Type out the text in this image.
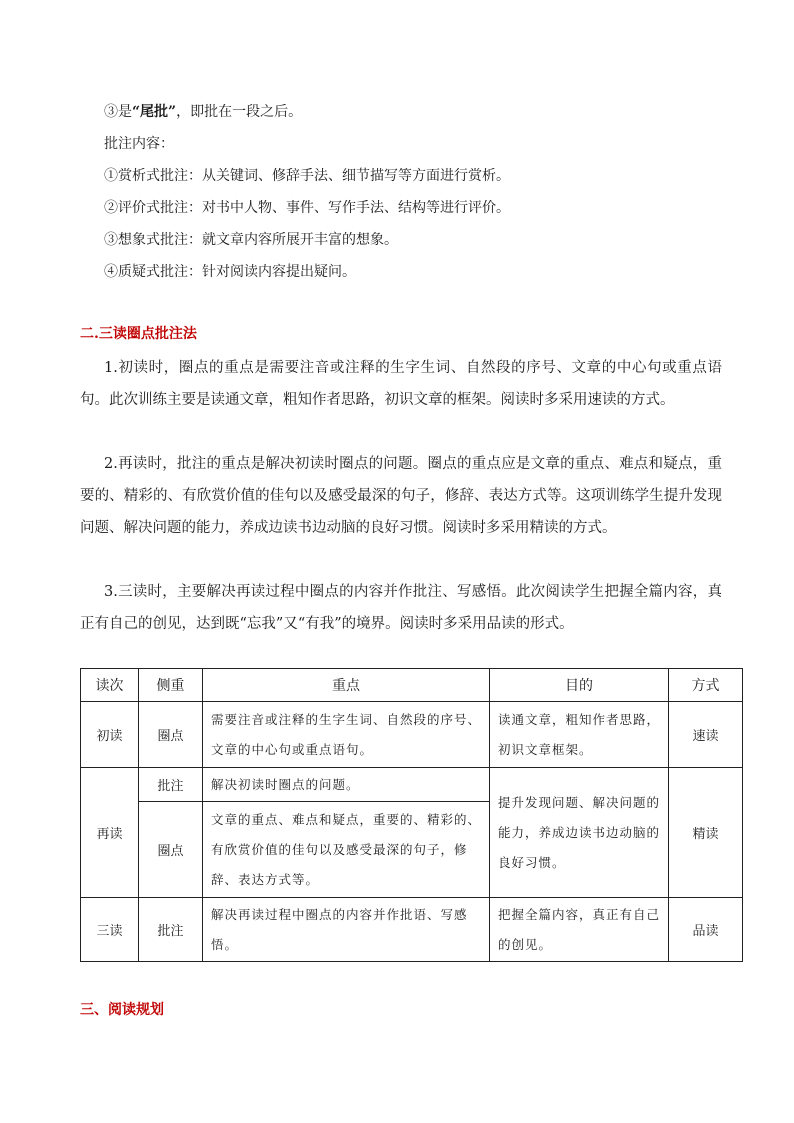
③是“尾批”，即批在一段之后。
批注内容：
①赏析式批注：从关键词、修辞手法、细节描写等方面进行赏析。
②评价式批注：对书中人物、事件、写作手法、结构等进行评价。
③想象式批注：就文章内容所展开丰富的想象。
④质疑式批注：针对阅读内容提出疑问。
二.三读圈点批注法
1.初读时，圈点的重点是需要注音或注释的生字生词、自然段的序号、文章的中心句或重点语句。此次训练主要是读通文章，粗知作者思路，初识文章的框架。阅读时多采用速读的方式。
2.再读时，批注的重点是解决初读时圈点的问题。圈点的重点应是文章的重点、难点和疑点，重要的、精彩的、有欣赏价值的佳句以及感受最深的句子，修辞、表达方式等。这项训练学生提升发现问题、解决问题的能力，养成边读书边动脑的良好习惯。阅读时多采用精读的方式。
3.三读时，主要解决再读过程中圈点的内容并作批注、写感悟。此次阅读学生把握全篇内容，真正有自己的创见，达到既“忘我”又“有我”的境界。阅读时多采用品读的形式。
读次	侧重	重点	目的	方式
初读	圈点	需要注音或注释的生字生词、自然段的序号、文章的中心句或重点语句。	读通文章，粗知作者思路，初识文章框架。	速读
再读	批注	解决初读时圈点的问题。	提升发现问题、解决问题的能力，养成边读书边动脑的良好习惯。	精读
	圈点	文章的重点、难点和疑点，重要的、精彩的、有欣赏价值的佳句以及感受最深的句子，修辞、表达方式等。		
三读	批注	解决再读过程中圈点的内容并作批语、写感悟。	把握全篇内容，真正有自己的创见。	品读
三、阅读规划
